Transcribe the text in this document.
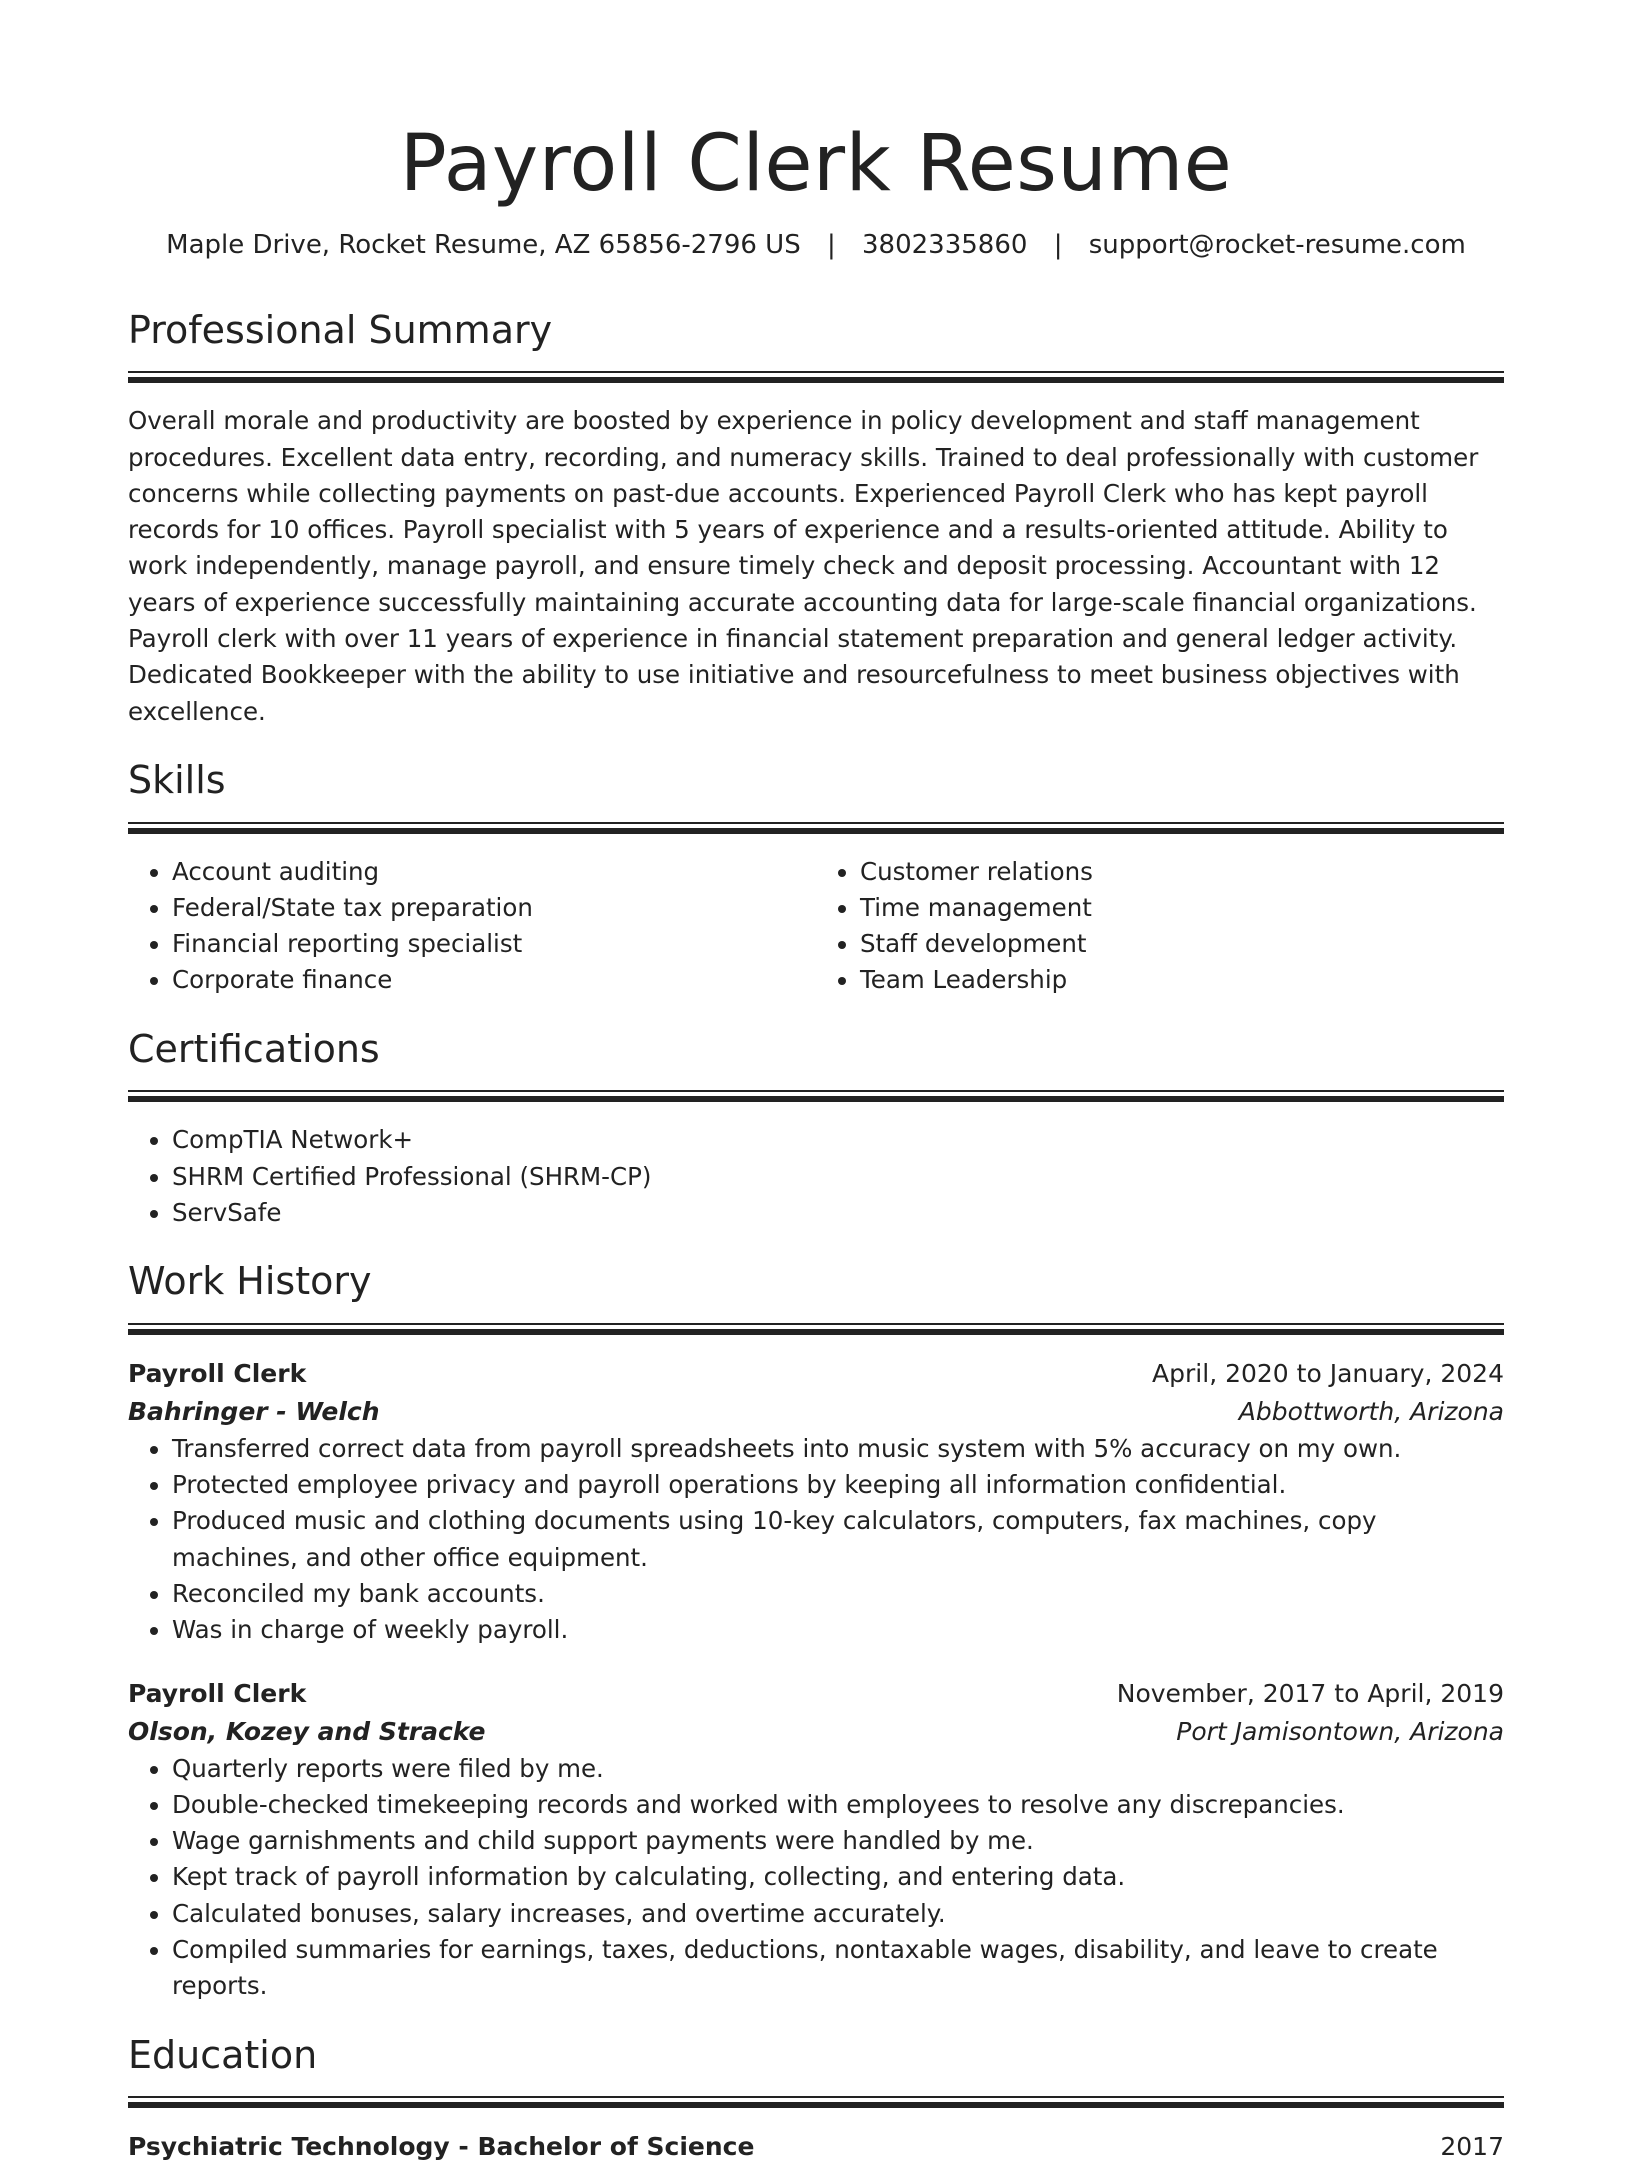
Payroll Clerk Resume
Maple Drive, Rocket Resume, AZ 65856-2796 US | 3802335860 | support@rocket-resume.com
Professional Summary

Overall morale and productivity are boosted by experience in policy development and staff management procedures. Excellent data entry, recording, and numeracy skills. Trained to deal professionally with customer concerns while collecting payments on past-due accounts. Experienced Payroll Clerk who has kept payroll records for 10 offices. Payroll specialist with 5 years of experience and a results-oriented attitude. Ability to work independently, manage payroll, and ensure timely check and deposit processing. Accountant with 12 years of experience successfully maintaining accurate accounting data for large-scale financial organizations. Payroll clerk with over 11 years of experience in financial statement preparation and general ledger activity. Dedicated Bookkeeper with the ability to use initiative and resourcefulness to meet business objectives with excellence.

Skills
• Account auditing
• Federal/State tax preparation
• Financial reporting specialist
• Corporate finance
• Customer relations
• Time management
• Staff development
• Team Leadership
Certifications
• CompTIA Network+
• SHRM Certified Professional (SHRM-CP)
• ServSafe
Work History
Payroll Clerk	April, 2020 to January, 2024
Bahringer - Welch	Abbottworth, Arizona
• Transferred correct data from payroll spreadsheets into music system with 5% accuracy on my own.
• Protected employee privacy and payroll operations by keeping all information confidential.
• Produced music and clothing documents using 10-key calculators, computers, fax machines, copy machines, and other office equipment.
• Reconciled my bank accounts.
• Was in charge of weekly payroll.
Payroll Clerk	November, 2017 to April, 2019
Olson, Kozey and Stracke	Port Jamisontown, Arizona
• Quarterly reports were filed by me.
• Double-checked timekeeping records and worked with employees to resolve any discrepancies.
• Wage garnishments and child support payments were handled by me.
• Kept track of payroll information by calculating, collecting, and entering data.
• Calculated bonuses, salary increases, and overtime accurately.
• Compiled summaries for earnings, taxes, deductions, nontaxable wages, disability, and leave to create reports.
Education
Psychiatric Technology - Bachelor of Science	2017
